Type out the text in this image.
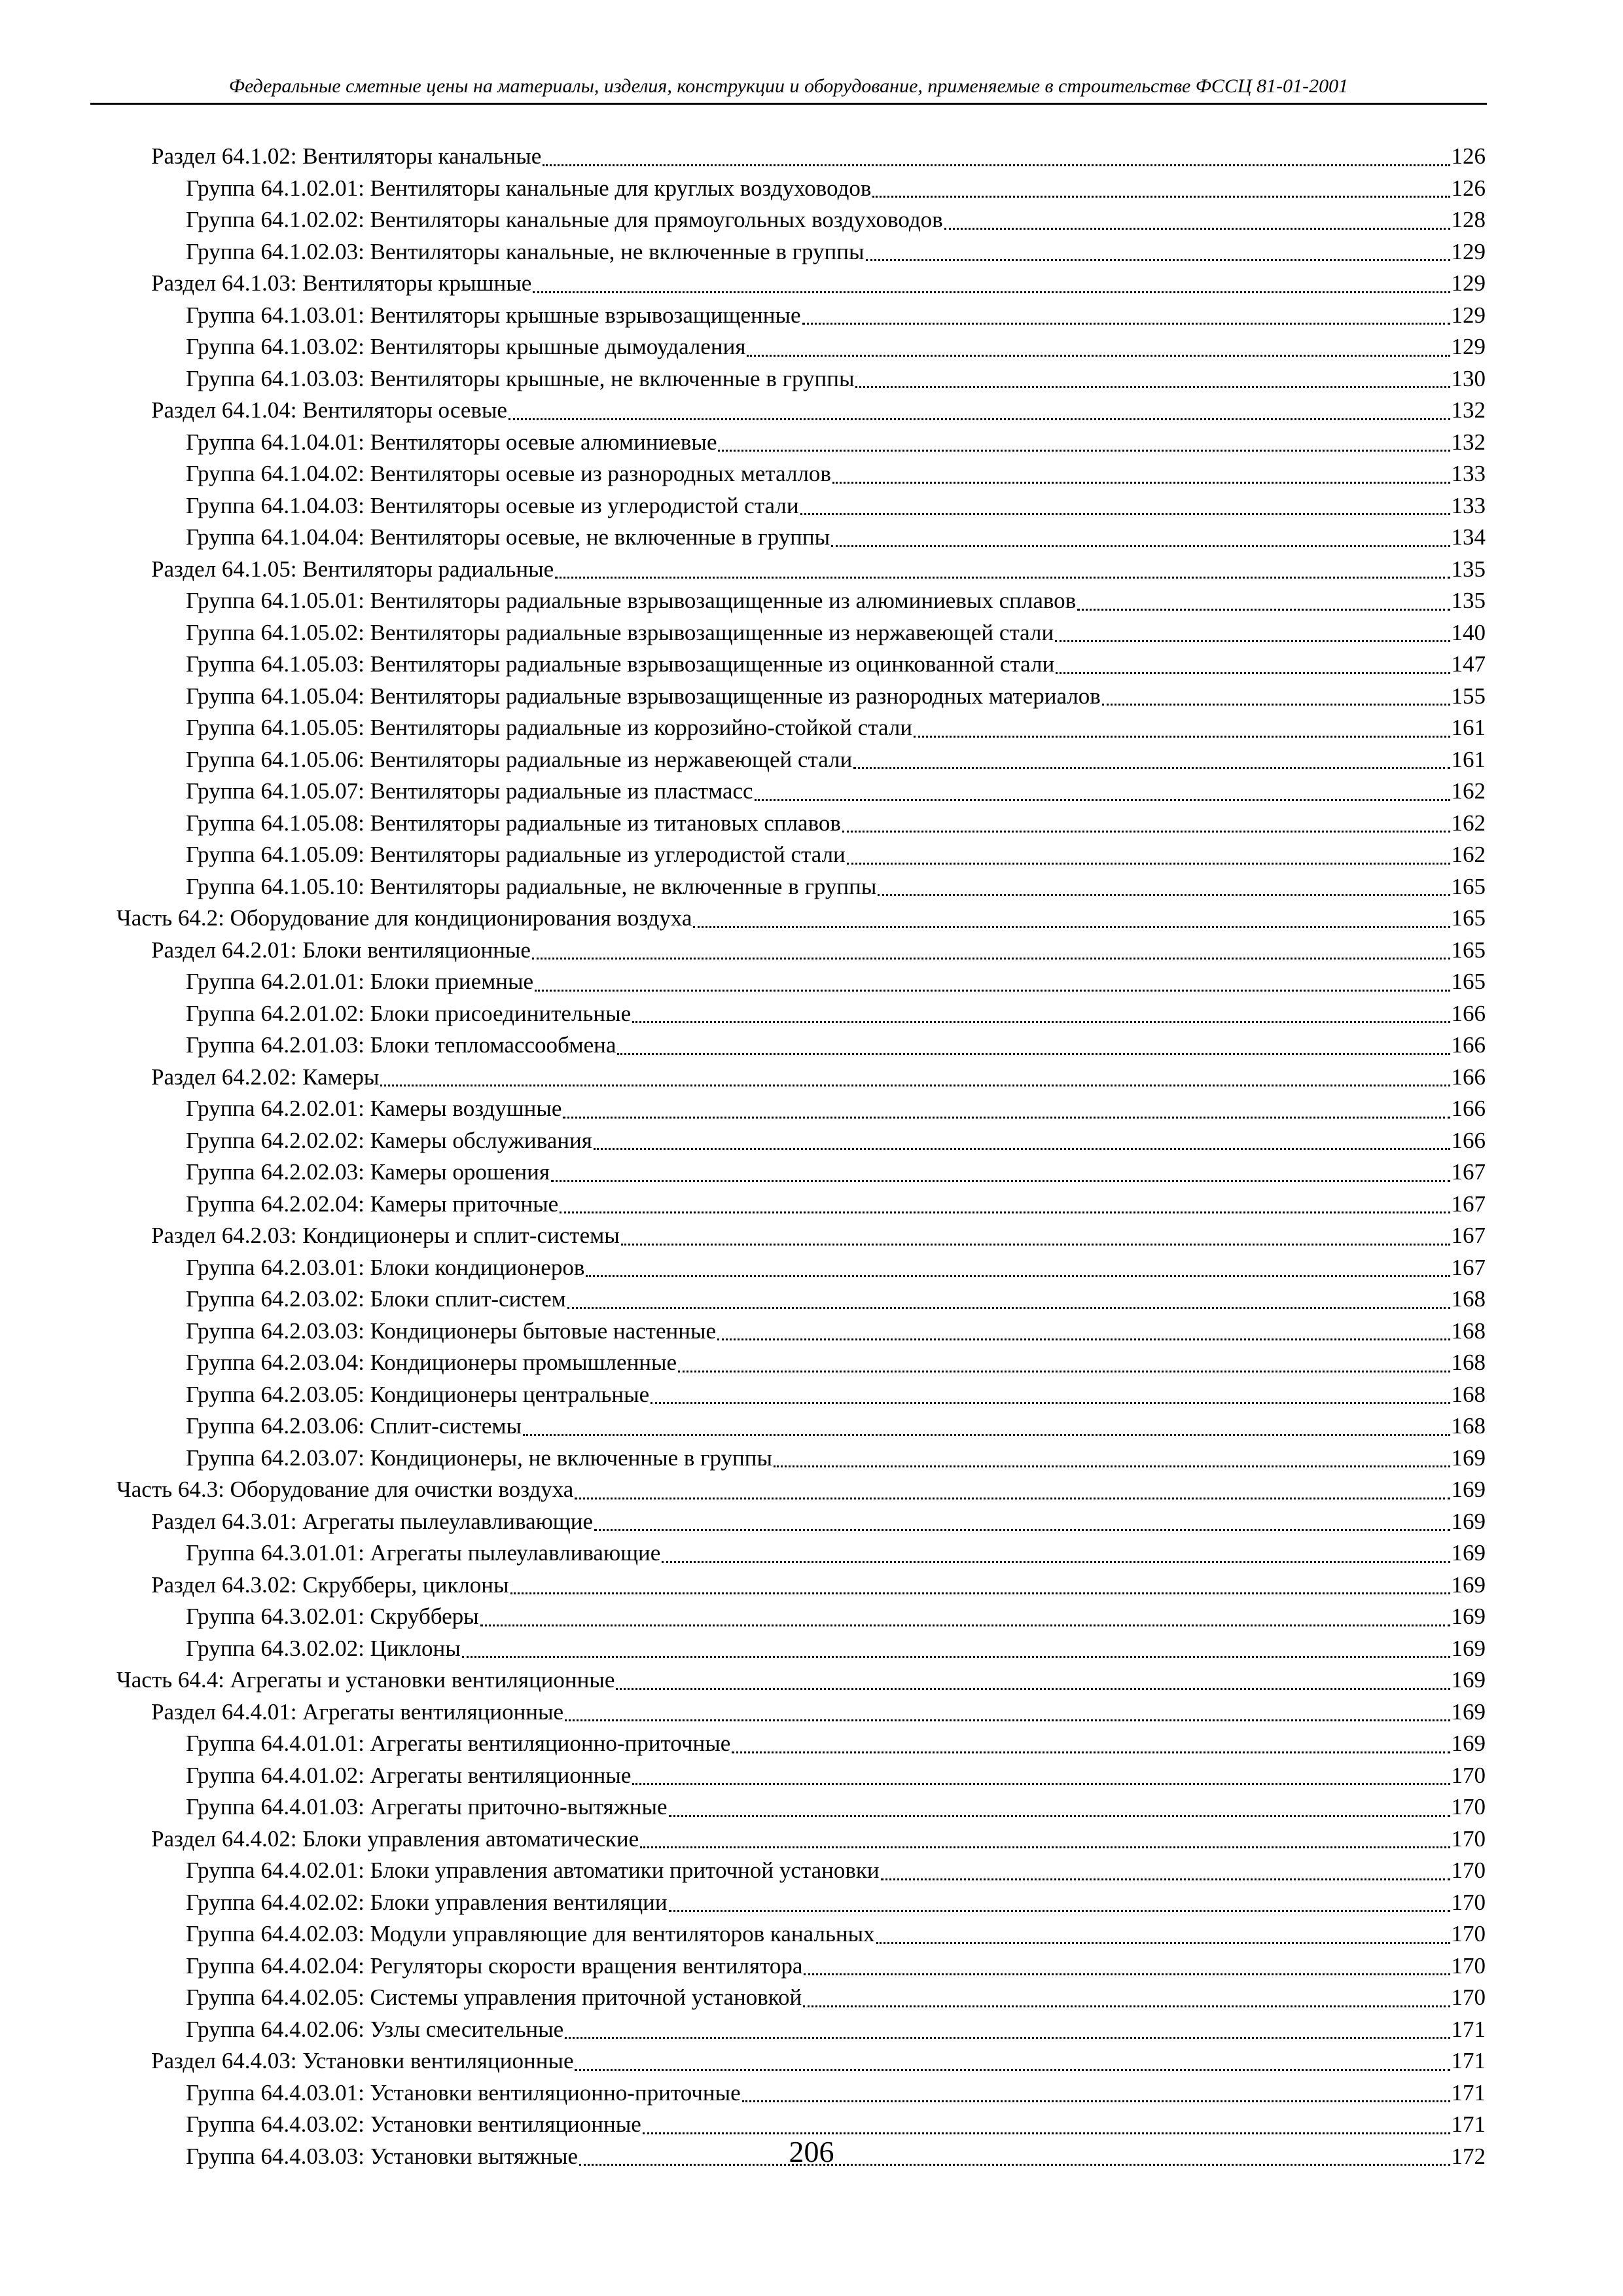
Федеральные сметные цены на материалы, изделия, конструкции и оборудование, применяемые в строительстве ФССЦ 81-01-2001
Раздел 64.1.02: Вентиляторы канальные	126
Группа 64.1.02.01: Вентиляторы канальные для круглых воздуховодов	126
Группа 64.1.02.02: Вентиляторы канальные для прямоугольных воздуховодов	128
Группа 64.1.02.03: Вентиляторы канальные, не включенные в группы	129
Раздел 64.1.03: Вентиляторы крышные	129
Группа 64.1.03.01: Вентиляторы крышные взрывозащищенные	129
Группа 64.1.03.02: Вентиляторы крышные дымоудаления	129
Группа 64.1.03.03: Вентиляторы крышные, не включенные в группы	130
Раздел 64.1.04: Вентиляторы осевые	132
Группа 64.1.04.01: Вентиляторы осевые алюминиевые	132
Группа 64.1.04.02: Вентиляторы осевые из разнородных металлов	133
Группа 64.1.04.03: Вентиляторы осевые из углеродистой стали	133
Группа 64.1.04.04: Вентиляторы осевые, не включенные в группы	134
Раздел 64.1.05: Вентиляторы радиальные	135
Группа 64.1.05.01: Вентиляторы радиальные взрывозащищенные из алюминиевых сплавов	135
Группа 64.1.05.02: Вентиляторы радиальные взрывозащищенные из нержавеющей стали	140
Группа 64.1.05.03: Вентиляторы радиальные взрывозащищенные из оцинкованной стали	147
Группа 64.1.05.04: Вентиляторы радиальные взрывозащищенные из разнородных материалов	155
Группа 64.1.05.05: Вентиляторы радиальные из коррозийно-стойкой стали	161
Группа 64.1.05.06: Вентиляторы радиальные из нержавеющей стали	161
Группа 64.1.05.07: Вентиляторы радиальные из пластмасс	162
Группа 64.1.05.08: Вентиляторы радиальные из титановых сплавов	162
Группа 64.1.05.09: Вентиляторы радиальные из углеродистой стали	162
Группа 64.1.05.10: Вентиляторы радиальные, не включенные в группы	165
Часть 64.2: Оборудование для кондиционирования воздуха	165
Раздел 64.2.01: Блоки вентиляционные	165
Группа 64.2.01.01: Блоки приемные	165
Группа 64.2.01.02: Блоки присоединительные	166
Группа 64.2.01.03: Блоки тепломассообмена	166
Раздел 64.2.02: Камеры	166
Группа 64.2.02.01: Камеры воздушные	166
Группа 64.2.02.02: Камеры обслуживания	166
Группа 64.2.02.03: Камеры орошения	167
Группа 64.2.02.04: Камеры приточные	167
Раздел 64.2.03: Кондиционеры и сплит-системы	167
Группа 64.2.03.01: Блоки кондиционеров	167
Группа 64.2.03.02: Блоки сплит-систем	168
Группа 64.2.03.03: Кондиционеры бытовые настенные	168
Группа 64.2.03.04: Кондиционеры промышленные	168
Группа 64.2.03.05: Кондиционеры центральные	168
Группа 64.2.03.06: Сплит-системы	168
Группа 64.2.03.07: Кондиционеры, не включенные в группы	169
Часть 64.3: Оборудование для очистки воздуха	169
Раздел 64.3.01: Агрегаты пылеулавливающие	169
Группа 64.3.01.01: Агрегаты пылеулавливающие	169
Раздел 64.3.02: Скрубберы, циклоны	169
Группа 64.3.02.01: Скрубберы	169
Группа 64.3.02.02: Циклоны	169
Часть 64.4: Агрегаты и установки вентиляционные	169
Раздел 64.4.01: Агрегаты вентиляционные	169
Группа 64.4.01.01: Агрегаты вентиляционно-приточные	169
Группа 64.4.01.02: Агрегаты вентиляционные	170
Группа 64.4.01.03: Агрегаты приточно-вытяжные	170
Раздел 64.4.02: Блоки управления автоматические	170
Группа 64.4.02.01: Блоки управления автоматики приточной установки	170
Группа 64.4.02.02: Блоки управления вентиляции	170
Группа 64.4.02.03: Модули управляющие для вентиляторов канальных	170
Группа 64.4.02.04: Регуляторы скорости вращения вентилятора	170
Группа 64.4.02.05: Системы управления приточной установкой	170
Группа 64.4.02.06: Узлы смесительные	171
Раздел 64.4.03: Установки вентиляционные	171
Группа 64.4.03.01: Установки вентиляционно-приточные	171
Группа 64.4.03.02: Установки вентиляционные	171
Группа 64.4.03.03: Установки вытяжные	172
206
